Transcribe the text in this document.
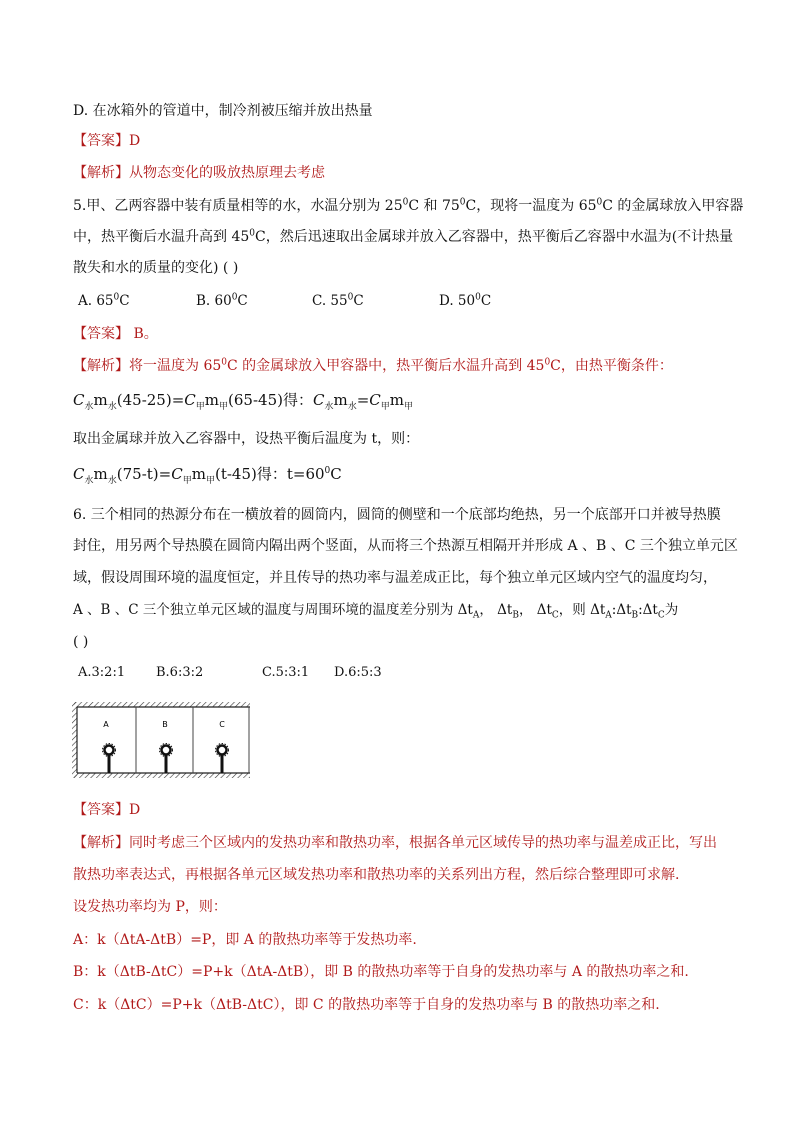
D. 在冰箱外的管道中，制冷剂被压缩并放出热量
【答案】D
【解析】从物态变化的吸放热原理去考虑
5.甲、乙两容器中装有质量相等的水，水温分别为 $25^0C$ 和 $75^0C$，现将一温度为 $65^0C$ 的金属球放入甲容器
中，热平衡后水温升高到 $45^0C$，然后迅速取出金属球并放入乙容器中，热平衡后乙容器中水温为(不计热量
散失和水的质量的变化) ( )
A. $65^0C$	B. $60^0C$	C. $55^0C$	D. $50^0C$
【答案】 B。
【解析】将一温度为 $65^0C$ 的金属球放入甲容器中，热平衡后水温升高到 $45^0C$，由热平衡条件：
$C_水m_水(45-25)=C_甲m_甲(65-45)$得：$C_水m_水=C_甲m_甲$
取出金属球并放入乙容器中，设热平衡后温度为 t，则：
$C_水m_水(75-t)=C_甲m_甲(t-45)$得：$t=60^0C$
6. 三个相同的热源分布在一横放着的圆筒内，圆筒的侧壁和一个底部均绝热，另一个底部开口并被导热膜
封住，用另两个导热膜在圆筒内隔出两个竖面，从而将三个热源互相隔开并形成 A 、B 、C 三个独立单元区
域，假设周围环境的温度恒定，并且传导的热功率与温差成正比，每个独立单元区域内空气的温度均匀，
A 、B 、C 三个独立单元区域的温度与周围环境的温度差分别为 $\Delta t_A$， $\Delta t_B$， $\Delta t_C$，则 $\Delta t_A:\Delta t_B:\Delta t_C$为
( )
A.3:2:1 B.6:3:2	C.5:3:1 D.6:5:3
A	B	C
【答案】D
【解析】同时考虑三个区域内的发热功率和散热功率，根据各单元区域传导的热功率与温差成正比，写出
散热功率表达式，再根据各单元区域发热功率和散热功率的关系列出方程，然后综合整理即可求解.
设发热功率均为 P，则：
A：k（ΔtA-ΔtB）=P，即 A 的散热功率等于发热功率.
B：k（ΔtB-ΔtC）=P+k（ΔtA-ΔtB），即 B 的散热功率等于自身的发热功率与 A 的散热功率之和.
C：k（ΔtC）=P+k（ΔtB-ΔtC），即 C 的散热功率等于自身的发热功率与 B 的散热功率之和.
